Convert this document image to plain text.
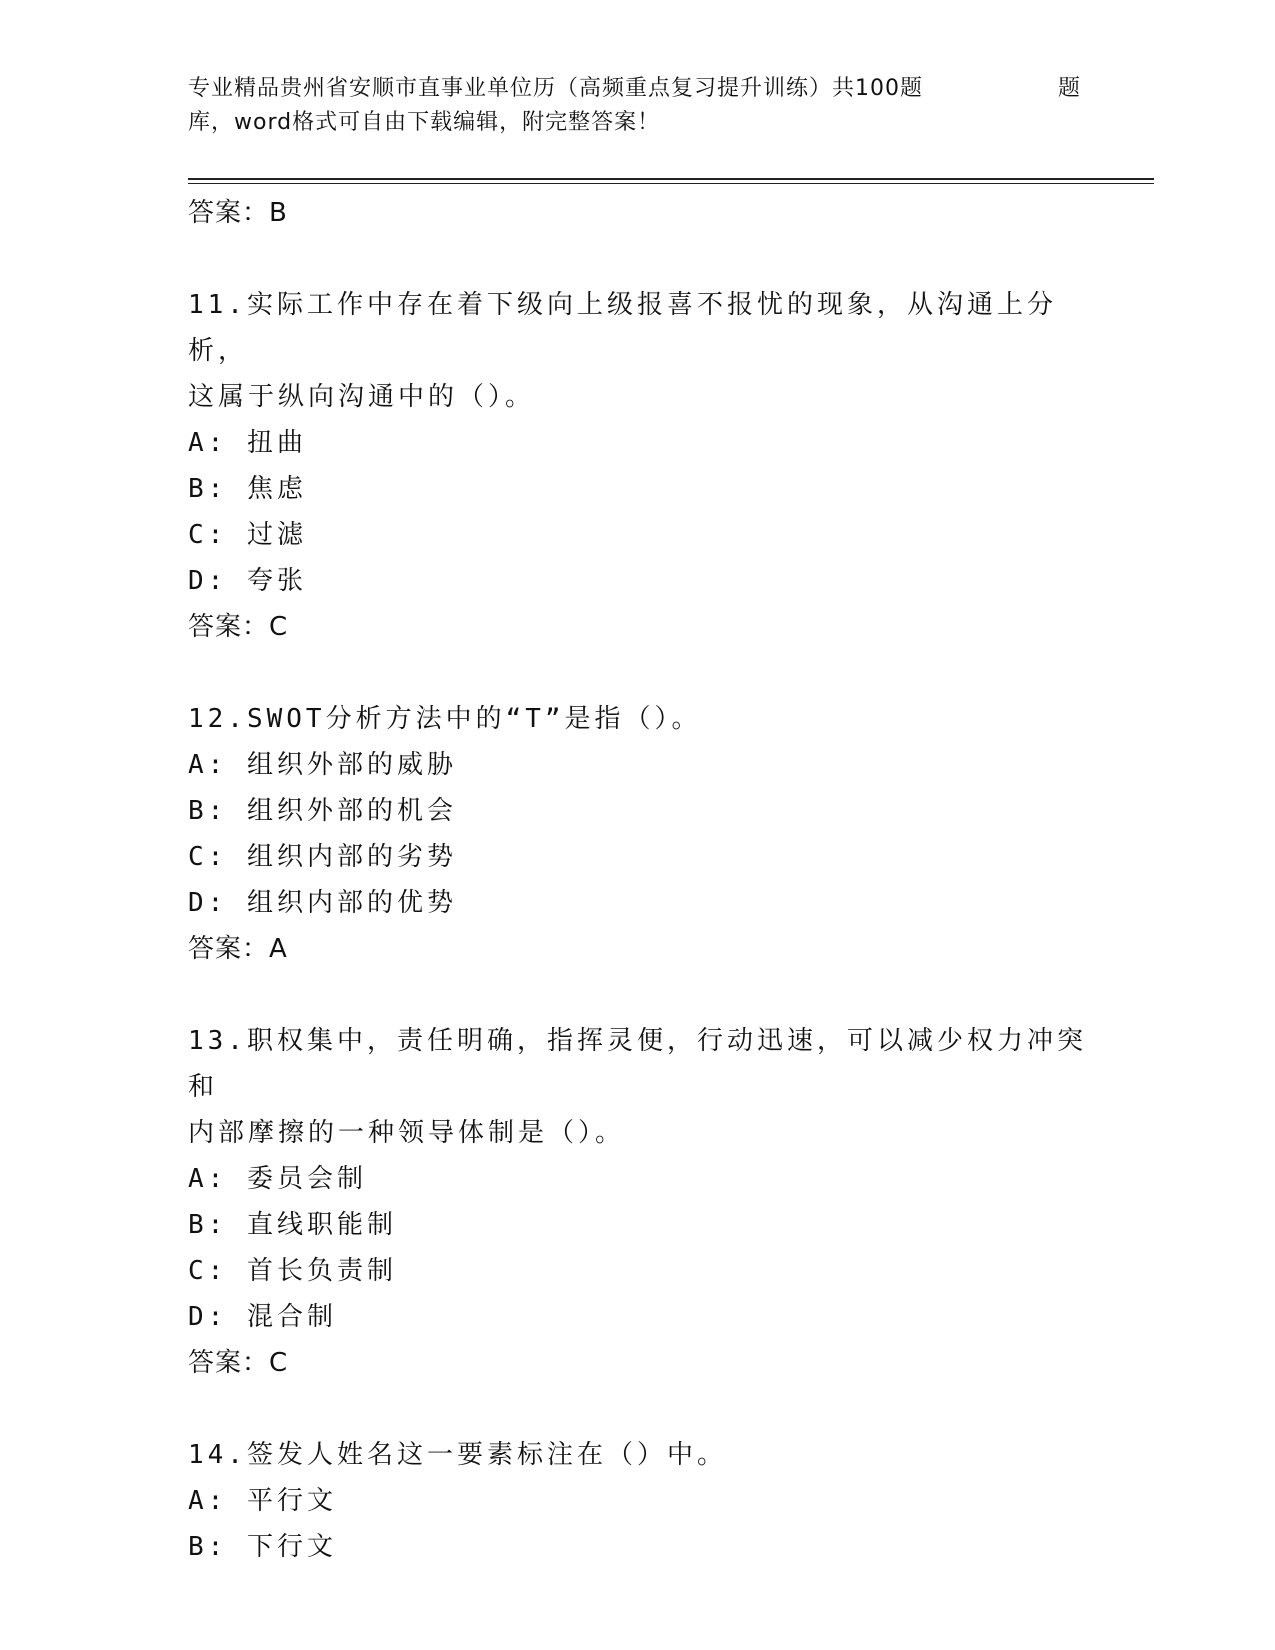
专业精品贵州省安顺市直事业单位历（高频重点复习提升训练）共100题
库，word格式可自由下载编辑，附完整答案！
题

答案：B

11.实际工作中存在着下级向上级报喜不报忧的现象，从沟通上分析，

这属于纵向沟通中的（）。

A: 扭曲

B: 焦虑

C: 过滤

D: 夸张

答案：C

12.SWOT分析方法中的“T”是指（）。

A: 组织外部的威胁

B: 组织外部的机会

C: 组织内部的劣势

D: 组织内部的优势

答案：A

13.职权集中，责任明确，指挥灵便，行动迅速，可以减少权力冲突和

内部摩擦的一种领导体制是（）。

A: 委员会制

B: 直线职能制

C: 首长负责制

D: 混合制

答案：C

14.签发人姓名这一要素标注在（）中。

A: 平行文

B: 下行文
